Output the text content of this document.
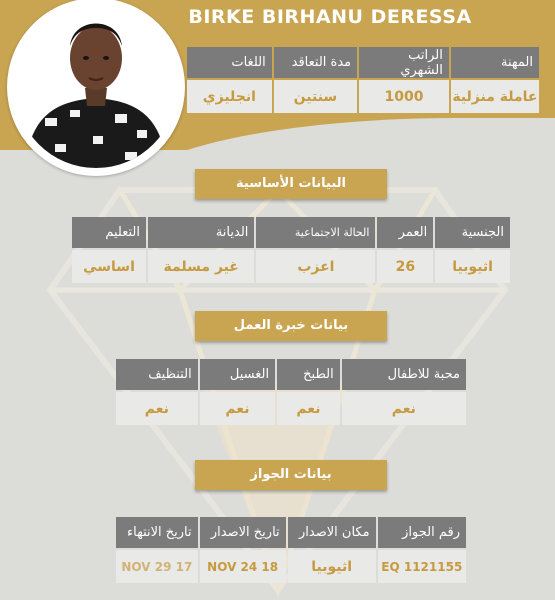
BIRKE BIRHANU DERESSA
المهنة	الراتب الشهري	مدة التعاقد	اللغات
عاملة منزلية	1000	سنتين	انجليزي
البيانات الأساسية
الجنسية	العمر	الحالة الاجتماعية	الديانة	التعليم
اثيوبيا	26	اعزب	غير مسلمة	اساسي
بيانات خبرة العمل
محبة للاطفال	الطبخ	الغسيل	التنظيف
نعم	نعم	نعم	نعم
بيانات الجواز
رقم الجواز	مكان الاصدار	تاريخ الاصدار	تاريخ الانتهاء
EQ 1121155	اثيوبيا	NOV 24 18	NOV 29 17
